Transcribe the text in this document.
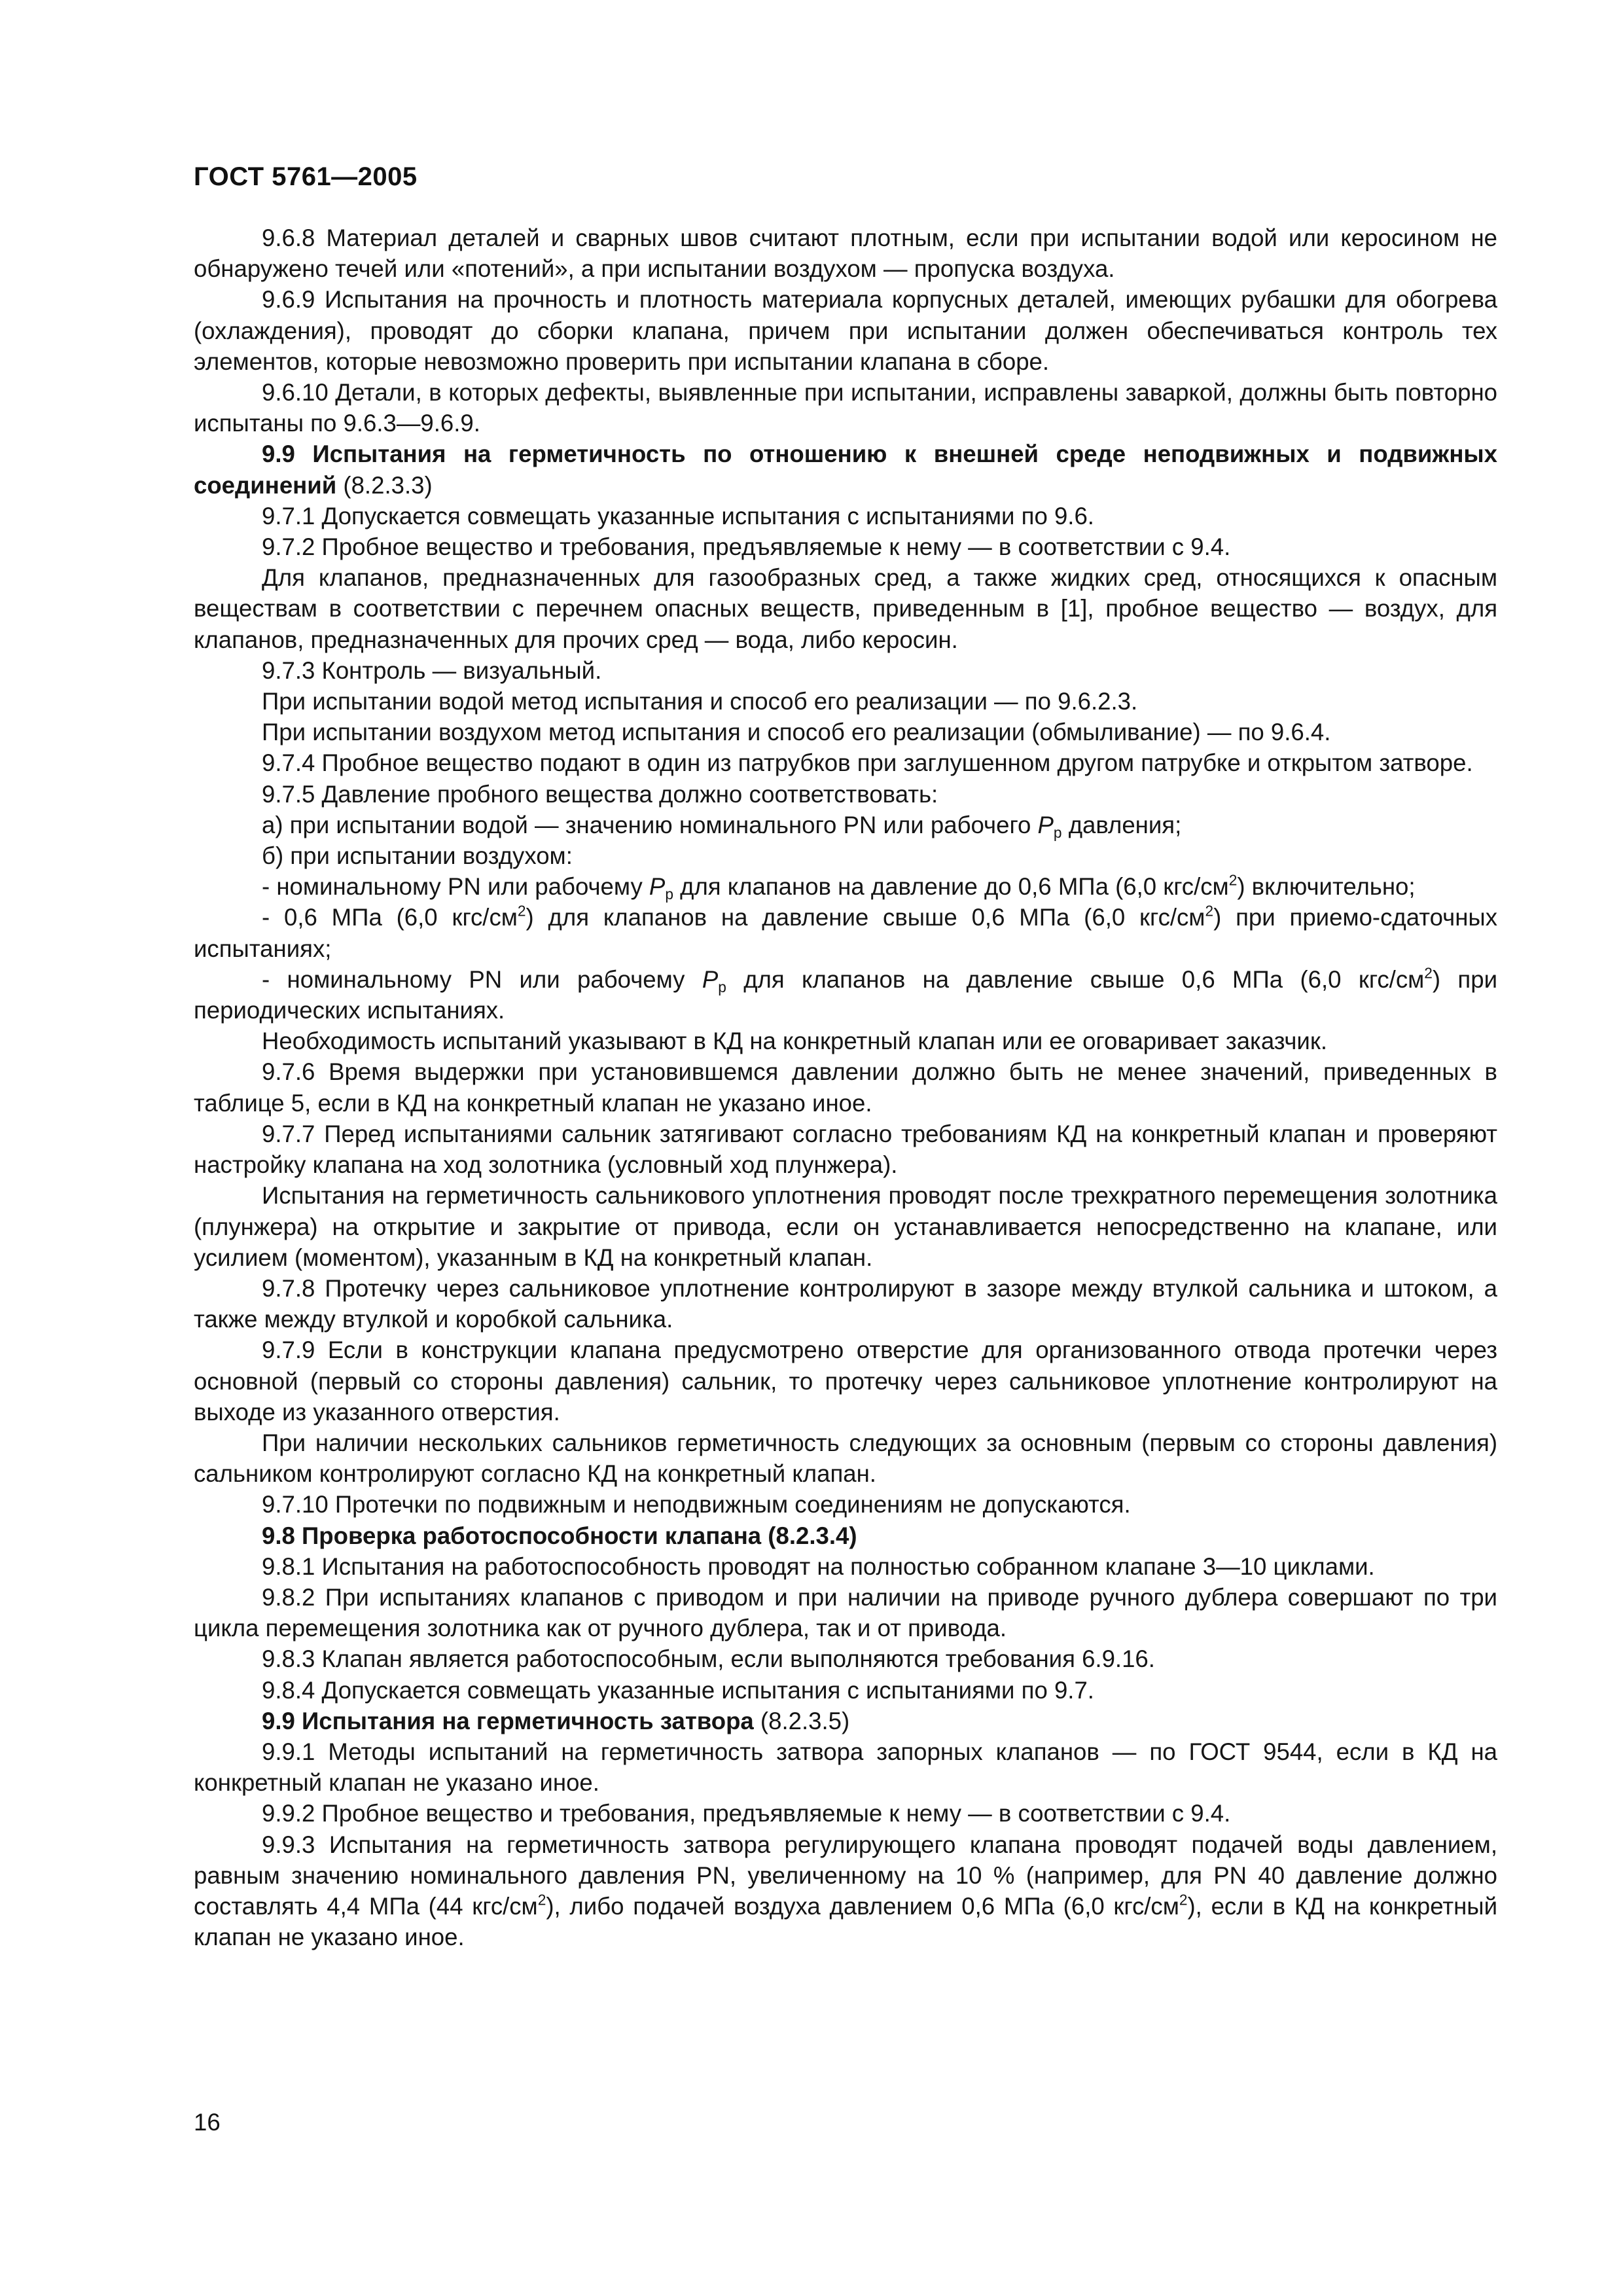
ГОСТ 5761—2005

9.6.8 Материал деталей и сварных швов считают плотным, если при испытании водой или керосином не обнаружено течей или «потений», а при испытании воздухом — пропуска воздуха.

9.6.9 Испытания на прочность и плотность материала корпусных деталей, имеющих рубашки для обогрева (охлаждения), проводят до сборки клапана, причем при испытании должен обеспечиваться контроль тех элементов, которые невозможно проверить при испытании клапана в сборе.

9.6.10 Детали, в которых дефекты, выявленные при испытании, исправлены заваркой, должны быть повторно испытаны по 9.6.3—9.6.9.

9.9 Испытания на герметичность по отношению к внешней среде неподвижных и подвижных соединений (8.2.3.3)

9.7.1 Допускается совмещать указанные испытания с испытаниями по 9.6.

9.7.2 Пробное вещество и требования, предъявляемые к нему — в соответствии с 9.4.

Для клапанов, предназначенных для газообразных сред, а также жидких сред, относящихся к опасным веществам в соответствии с перечнем опасных веществ, приведенным в [1], пробное вещество — воздух, для клапанов, предназначенных для прочих сред — вода, либо керосин.

9.7.3 Контроль — визуальный.

При испытании водой метод испытания и способ его реализации — по 9.6.2.3.

При испытании воздухом метод испытания и способ его реализации (обмыливание) — по 9.6.4.

9.7.4 Пробное вещество подают в один из патрубков при заглушенном другом патрубке и открытом затворе.

9.7.5 Давление пробного вещества должно соответствовать:

а) при испытании водой — значению номинального PN или рабочего $P_р$ давления;

б) при испытании воздухом:

- номинальному PN или рабочему $P_р$ для клапанов на давление до 0,6 МПа (6,0 кгс/$см^2$) включительно;

- 0,6 МПа (6,0 кгс/$см^2$) для клапанов на давление свыше 0,6 МПа (6,0 кгс/$см^2$) при приемо-сдаточных испытаниях;

- номинальному PN или рабочему $P_р$ для клапанов на давление свыше 0,6 МПа (6,0 кгс/$см^2$) при периодических испытаниях.

Необходимость испытаний указывают в КД на конкретный клапан или ее оговаривает заказчик.

9.7.6 Время выдержки при установившемся давлении должно быть не менее значений, приведенных в таблице 5, если в КД на конкретный клапан не указано иное.

9.7.7 Перед испытаниями сальник затягивают согласно требованиям КД на конкретный клапан и проверяют настройку клапана на ход золотника (условный ход плунжера).

Испытания на герметичность сальникового уплотнения проводят после трехкратного перемещения золотника (плунжера) на открытие и закрытие от привода, если он устанавливается непосредственно на клапане, или усилием (моментом), указанным в КД на конкретный клапан.

9.7.8 Протечку через сальниковое уплотнение контролируют в зазоре между втулкой сальника и штоком, а также между втулкой и коробкой сальника.

9.7.9 Если в конструкции клапана предусмотрено отверстие для организованного отвода протечки через основной (первый со стороны давления) сальник, то протечку через сальниковое уплотнение контролируют на выходе из указанного отверстия.

При наличии нескольких сальников герметичность следующих за основным (первым со стороны давления) сальником контролируют согласно КД на конкретный клапан.

9.7.10 Протечки по подвижным и неподвижным соединениям не допускаются.

9.8 Проверка работоспособности клапана (8.2.3.4)

9.8.1 Испытания на работоспособность проводят на полностью собранном клапане 3—10 циклами.

9.8.2 При испытаниях клапанов с приводом и при наличии на приводе ручного дублера совершают по три цикла перемещения золотника как от ручного дублера, так и от привода.

9.8.3 Клапан является работоспособным, если выполняются требования 6.9.16.

9.8.4 Допускается совмещать указанные испытания с испытаниями по 9.7.

9.9 Испытания на герметичность затвора (8.2.3.5)

9.9.1 Методы испытаний на герметичность затвора запорных клапанов — по ГОСТ 9544, если в КД на конкретный клапан не указано иное.

9.9.2 Пробное вещество и требования, предъявляемые к нему — в соответствии с 9.4.

9.9.3 Испытания на герметичность затвора регулирующего клапана проводят подачей воды давлением, равным значению номинального давления PN, увеличенному на 10 % (например, для PN 40 давление должно составлять 4,4 МПа (44 кгс/$см^2$), либо подачей воздуха давлением 0,6 МПа (6,0 кгс/$см^2$), если в КД на конкретный клапан не указано иное.

16
